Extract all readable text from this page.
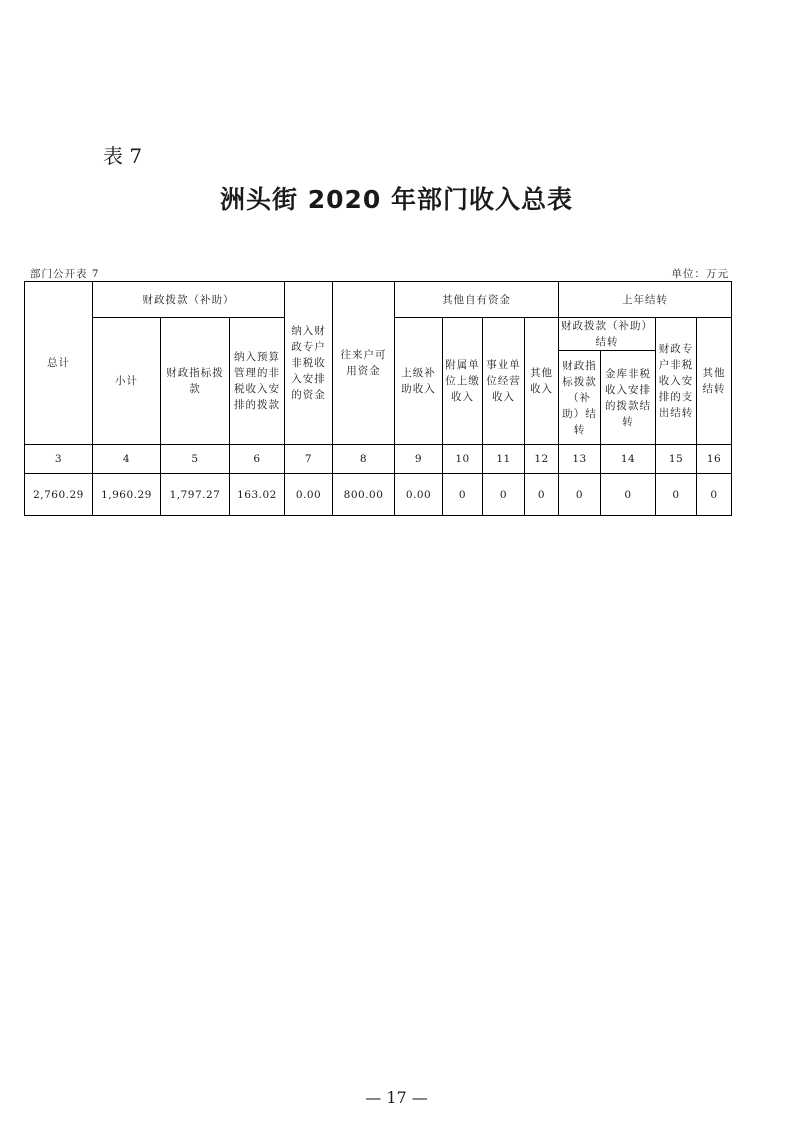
表 7
洲头街 2020 年部门收入总表
部门公开表 7	单位：万元
总计	财政拨款（补助）			纳入财政专户非税收入安排的资金	往来户可用资金	其他自有资金				上年结转			
	小计	财政指标拨款	纳入预算管理的非税收入安排的拨款			上级补助收入	附属单位上缴收入	事业单位经营收入	其他收入	财政拨款（补助）结转		财政专户非税收入安排的支出结转	其他结转
										财政指标拨款（补助）结转	金库非税收入安排的拨款结转		
3	4	5	6	7	8	9	10	11	12	13	14	15	16
2,760.29	1,960.29	1,797.27	163.02	0.00	800.00	0.00	0	0	0	0	0	0	0
— 17 —
